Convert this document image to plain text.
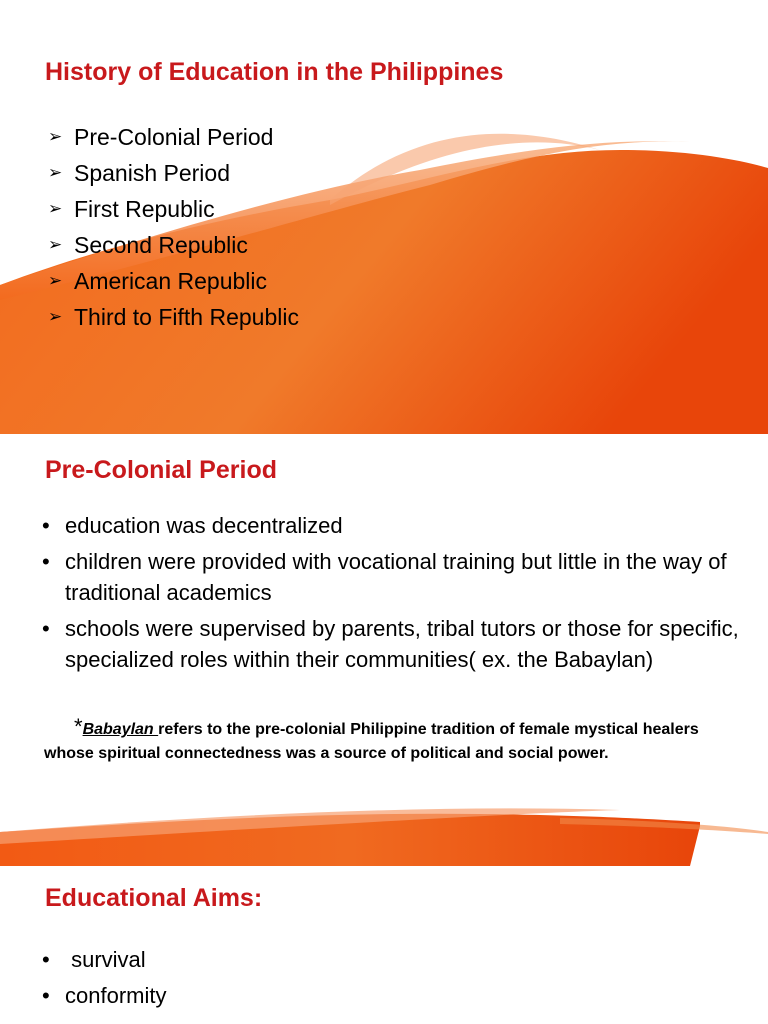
History of Education in the Philippines
➢ Pre-Colonial Period
➢ Spanish Period
➢ First Republic
➢ Second Republic
➢ American Republic
➢ Third to Fifth Republic
Pre-Colonial Period
• education was decentralized
• children were provided with vocational training but little in the way of traditional academics
• schools were supervised by parents, tribal tutors or those for specific, specialized roles within their communities( ex. the Babaylan)

*Babaylan refers to the pre-colonial Philippine tradition of female mystical healers whose spiritual connectedness was a source of political and social power.

Educational Aims:
• survival
• conformity
